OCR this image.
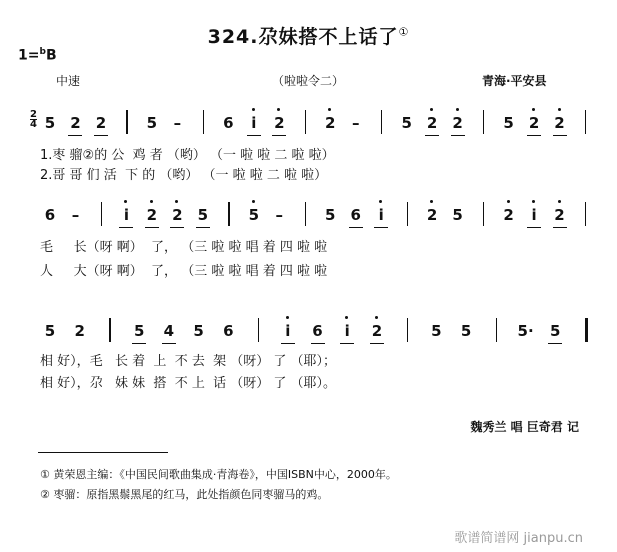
324.尕妹搭不上话了①
1=$^b$B
中速	（啦啦令二）	青海·平安县
2
4 5 2 2	5 –	6	i	2	2 –	5 2 2	5 2 2
1.枣 骝②的 公  鸡 者 （哟） （一 啦 啦 二 啦 啦）
2.哥 哥 们 活  下 的 （哟） （一 啦 啦 二 啦 啦）
6 –	i	2 2 5	5 –	5 6	i	2 5	2	i	2
毛     长（呀 啊）  了， （三 啦 啦 唱 着 四 啦 啦
人     大（呀 啊）  了， （三 啦 啦 唱 着 四 啦 啦
5 2	5 4 5 6	i	6	i	2	5 5	5· 5
相 好），毛   长 着  上  不 去  架 （呀） 了 （耶）；
相 好），尕   妹 妹  搭  不 上  话 （呀） 了 （耶）。
魏秀兰 唱 巨奇君 记
① 黄荣恩主编：《中国民间歌曲集成·青海卷》，中国ISBN中心，2000年。
② 枣骝：原指黑鬃黑尾的红马，此处指颜色同枣骝马的鸡。
歌谱简谱网 jianpu.cn
